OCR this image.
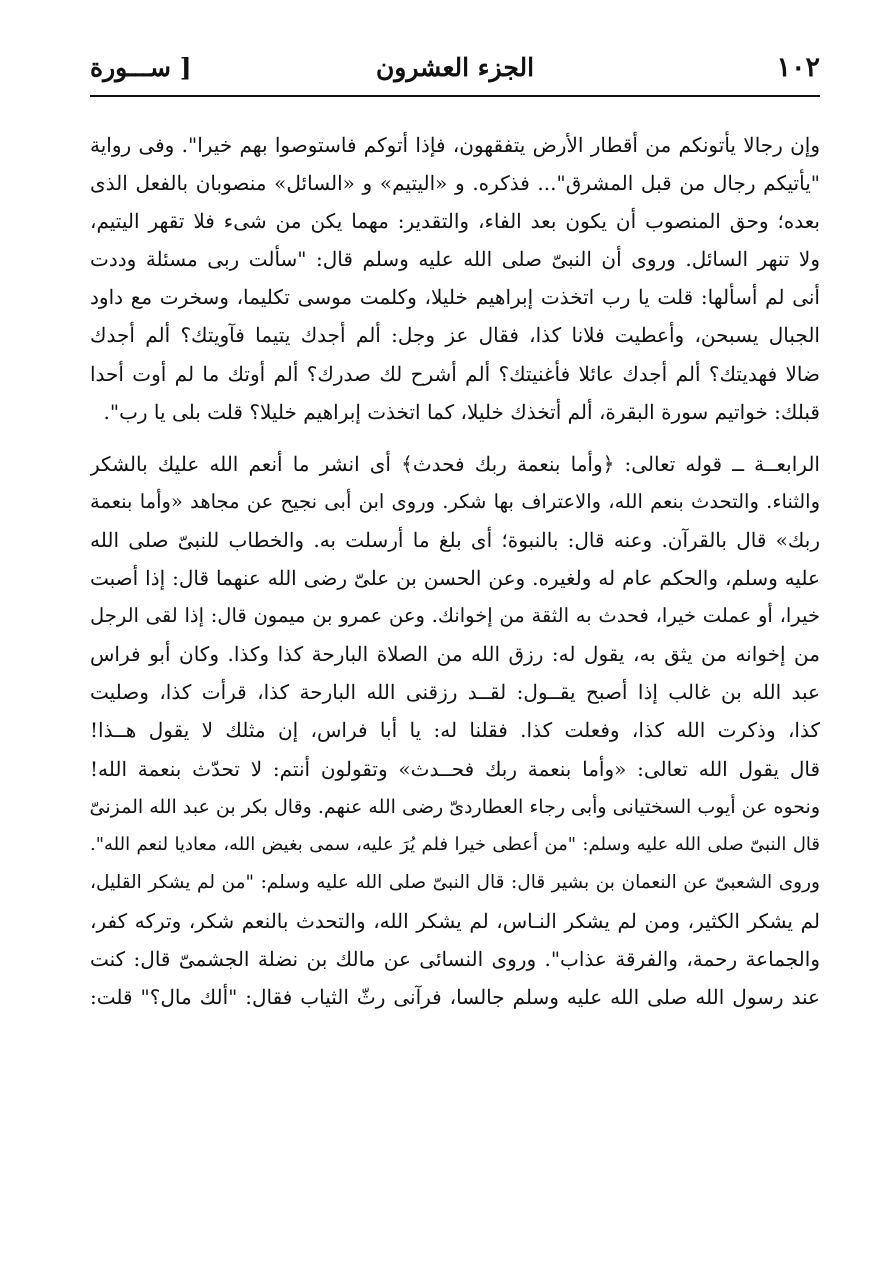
١٠٢
الجزء العشرون
[ ســـورة
وإن رجالا يأتونكم من أقطار الأرض يتفقهون، فإذا أتوكم فاستوصوا بهم خيرا". وفى رواية
"يأتيكم رجال من قبل المشرق"... فذكره. و «اليتيم» و «السائل» منصوبان بالفعل الذى
بعده؛ وحق المنصوب أن يكون بعد الفاء، والتقدير: مهما يكن من شىء فلا تقهر اليتيم،
ولا تنهر السائل. وروى أن النبىّ صلى الله عليه وسلم قال: "سألت ربى مسئلة وددت
أنى لم أسألها: قلت يا رب اتخذت إبراهيم خليلا، وكلمت موسى تكليما، وسخرت مع داود
الجبال يسبحن، وأعطيت فلانا كذا، فقال عز وجل: ألم أجدك يتيما فآويتك؟ ألم أجدك
ضالا فهديتك؟ ألم أجدك عائلا فأغنيتك؟ ألم أشرح لك صدرك؟ ألم أوتك ما لم أوت أحدا
قبلك: خواتيم سورة البقرة، ألم أتخذك خليلا، كما اتخذت إبراهيم خليلا؟ قلت بلى يا رب".
الرابعــة ــ قوله تعالى: ﴿وأما بنعمة ربك فحدث﴾ أى انشر ما أنعم الله عليك بالشكر
والثناء. والتحدث بنعم الله، والاعتراف بها شكر. وروى ابن أبى نجيح عن مجاهد «وأما بنعمة
ربك» قال بالقرآن. وعنه قال: بالنبوة؛ أى بلغ ما أرسلت به. والخطاب للنبىّ صلى الله
عليه وسلم، والحكم عام له ولغيره. وعن الحسن بن علىّ رضى الله عنهما قال: إذا أصبت
خيرا، أو عملت خيرا، فحدث به الثقة من إخوانك. وعن عمرو بن ميمون قال: إذا لقى الرجل
من إخوانه من يثق به، يقول له: رزق الله من الصلاة البارحة كذا وكذا. وكان أبو فراس
عبد الله بن غالب إذا أصبح يقــول: لقــد رزقنى الله البارحة كذا، قرأت كذا، وصليت
كذا، وذكرت الله كذا، وفعلت كذا. فقلنا له: يا أبا فراس، إن مثلك لا يقول هــذا!
قال يقول الله تعالى: «وأما بنعمة ربك فحــدث» وتقولون أنتم: لا تحدّث بنعمة الله!
ونحوه عن أيوب السختيانى وأبى رجاء العطاردىّ رضى الله عنهم. وقال بكر بن عبد الله المزنىّ
قال النبىّ صلى الله عليه وسلم: "من أعطى خيرا فلم يُرَ عليه، سمى بغيض الله، معاديا لنعم الله".
وروى الشعبىّ عن النعمان بن بشير قال: قال النبىّ صلى الله عليه وسلم: "من لم يشكر القليل،
لم يشكر الكثير، ومن لم يشكر النـاس، لم يشكر الله، والتحدث بالنعم شكر، وتركه كفر،
والجماعة رحمة، والفرقة عذاب". وروى النسائى عن مالك بن نضلة الجشمىّ قال: كنت
عند رسول الله صلى الله عليه وسلم جالسا، فرآنى رثّ الثياب فقال: "ألك مال؟" قلت:
